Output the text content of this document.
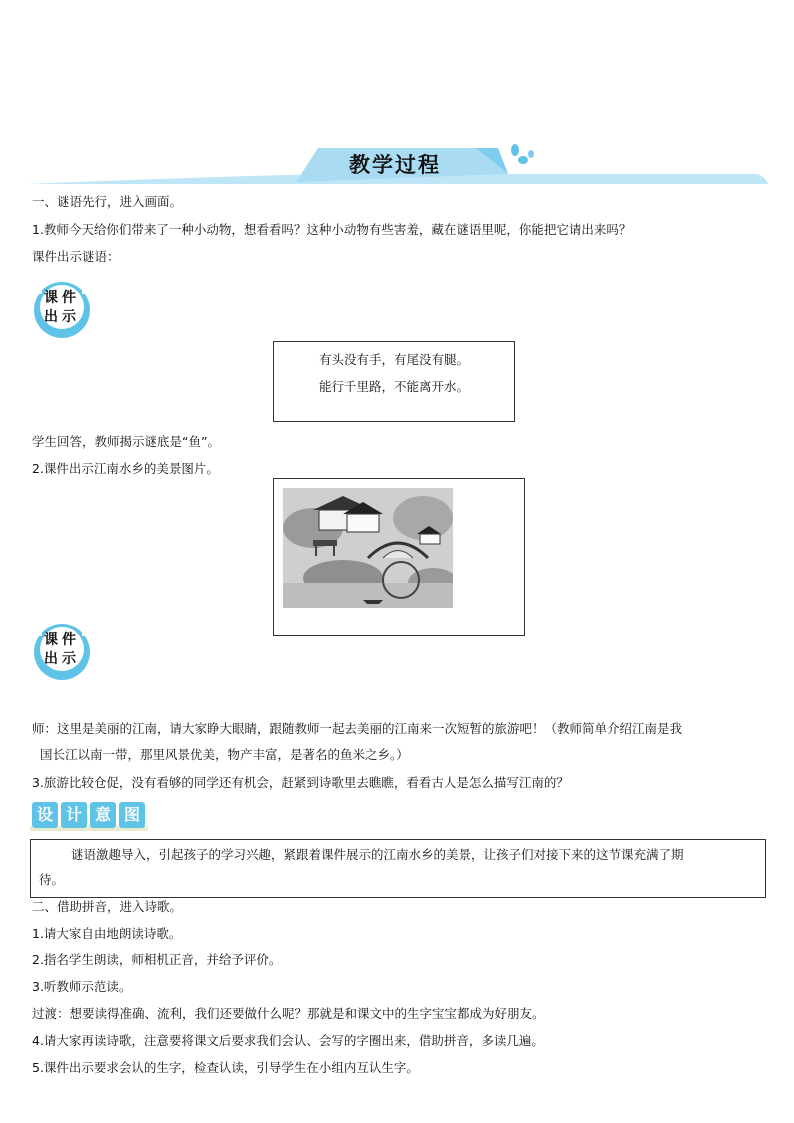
教学过程
一、谜语先行，进入画面。
1.教师今天给你们带来了一种小动物，想看看吗？这种小动物有些害羞，藏在谜语里呢，你能把它请出来吗？
课件出示谜语：
课件
出示
有头没有手，有尾没有腿。
能行千里路，不能离开水。
学生回答，教师揭示谜底是“鱼”。
2.课件出示江南水乡的美景图片。
课件
出示
师：这里是美丽的江南，请大家睁大眼睛，跟随教师一起去美丽的江南来一次短暂的旅游吧！（教师简单介绍江南是我
国长江以南一带，那里风景优美，物产丰富，是著名的鱼米之乡。）
3.旅游比较仓促，没有看够的同学还有机会，赶紧到诗歌里去瞧瞧，看看古人是怎么描写江南的？
设 计 意 图
谜语激趣导入，引起孩子的学习兴趣，紧跟着课件展示的江南水乡的美景，让孩子们对接下来的这节课充满了期
待。
二、借助拼音，进入诗歌。
1.请大家自由地朗读诗歌。
2.指名学生朗读，师相机正音，并给予评价。
3.听教师示范读。
过渡：想要读得准确、流利，我们还要做什么呢？那就是和课文中的生字宝宝都成为好朋友。
4.请大家再读诗歌，注意要将课文后要求我们会认、会写的字圈出来，借助拼音，多读几遍。
5.课件出示要求会认的生字，检查认读，引导学生在小组内互认生字。
